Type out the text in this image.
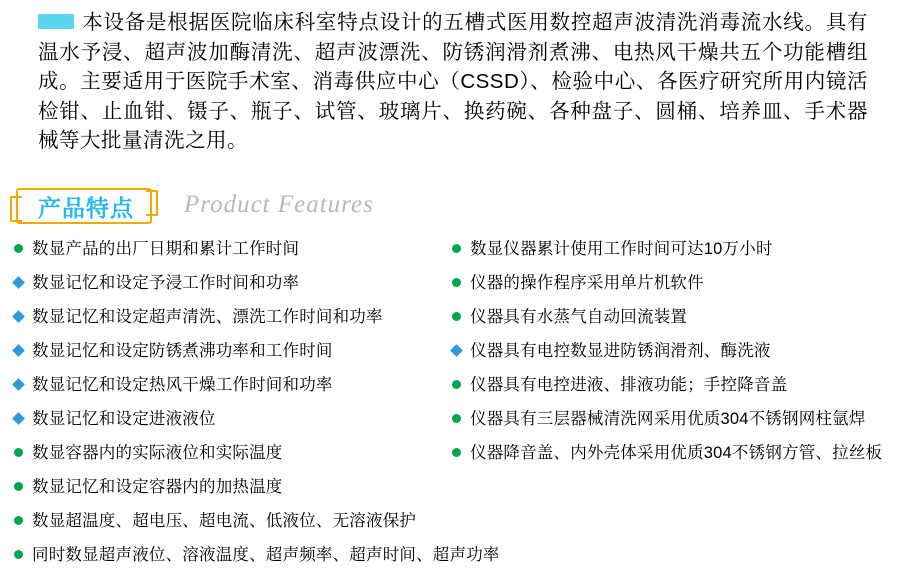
本设备是根据医院临床科室特点设计的五槽式医用数控超声波清洗消毒流水线。具有温水予浸、超声波加酶清洗、超声波漂洗、防锈润滑剂煮沸、电热风干燥共五个功能槽组成。主要适用于医院手术室、消毒供应中心（CSSD）、检验中心、各医疗研究所用内镜活检钳、止血钳、镊子、瓶子、试管、玻璃片、换药碗、各种盘子、圆桶、培养皿、手术器械等大批量清洗之用。
产品特点 Product Features
数显产品的出厂日期和累计工作时间
数显记忆和设定予浸工作时间和功率
数显记忆和设定超声清洗、漂洗工作时间和功率
数显记忆和设定防锈煮沸功率和工作时间
数显记忆和设定热风干燥工作时间和功率
数显记忆和设定进液液位
数显容器内的实际液位和实际温度
数显记忆和设定容器内的加热温度
数显超温度、超电压、超电流、低液位、无溶液保护
同时数显超声液位、溶液温度、超声频率、超声时间、超声功率
数显仪器累计使用工作时间可达10万小时
仪器的操作程序采用单片机软件
仪器具有水蒸气自动回流装置
仪器具有电控数显进防锈润滑剂、酶洗液
仪器具有电控进液、排液功能；手控降音盖
仪器具有三层器械清洗网采用优质304不锈钢网柱氩焊
仪器降音盖、内外壳体采用优质304不锈钢方管、拉丝板
